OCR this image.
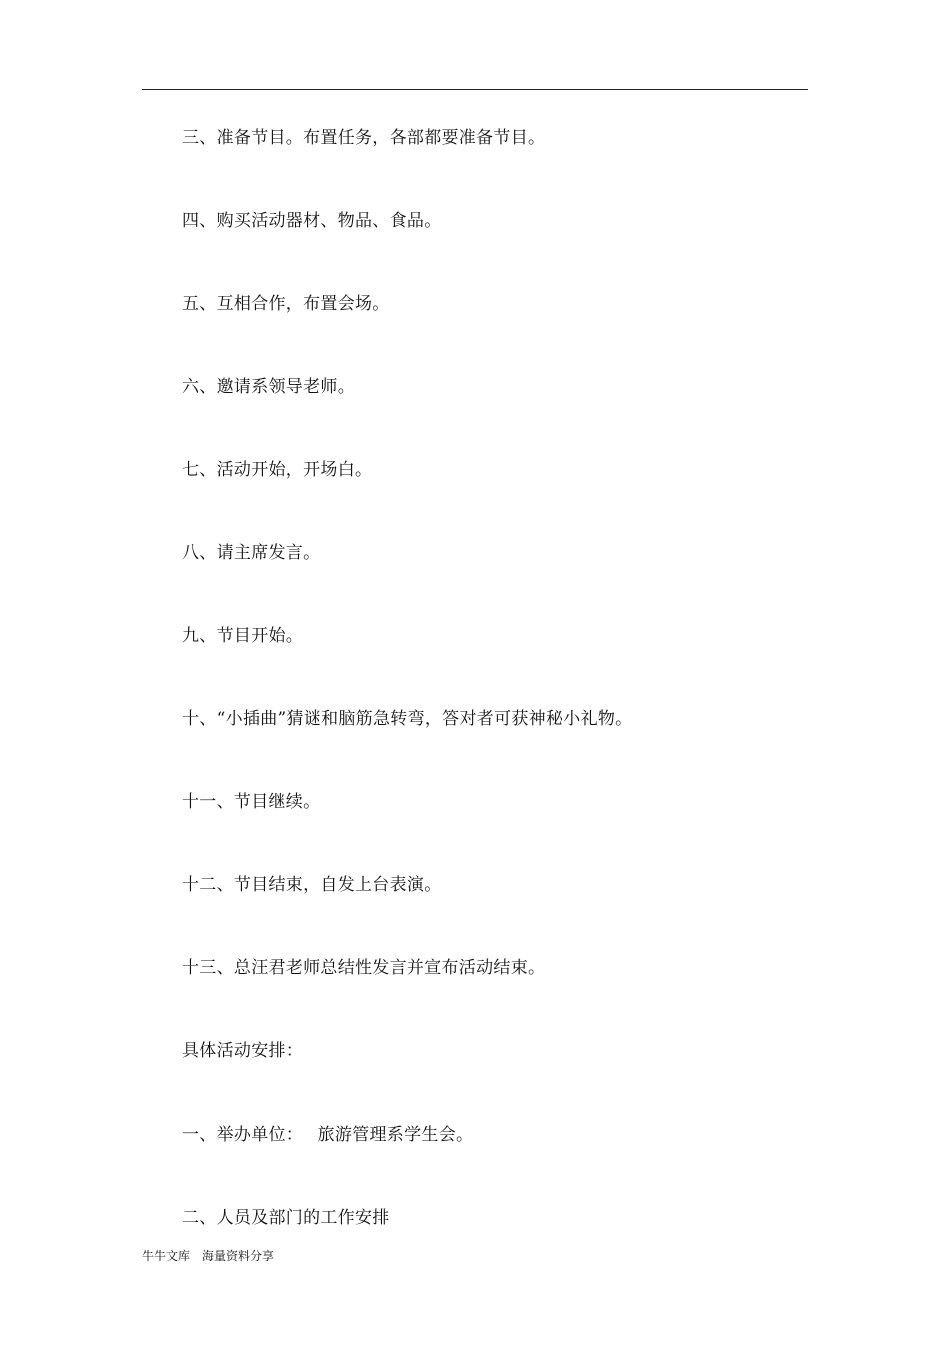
三、准备节目。布置任务，各部都要准备节目。
四、购买活动器材、物品、食品。
五、互相合作，布置会场。
六、邀请系领导老师。
七、活动开始，开场白。
八、请主席发言。
九、节目开始。
十、“小插曲”猜谜和脑筋急转弯，答对者可获神秘小礼物。
十一、节目继续。
十二、节目结束，自发上台表演。
十三、总汪君老师总结性发言并宣布活动结束。
具体活动安排：
一、举办单位：　 旅游管理系学生会。
二、人员及部门的工作安排
牛牛文库　海量资料分享
